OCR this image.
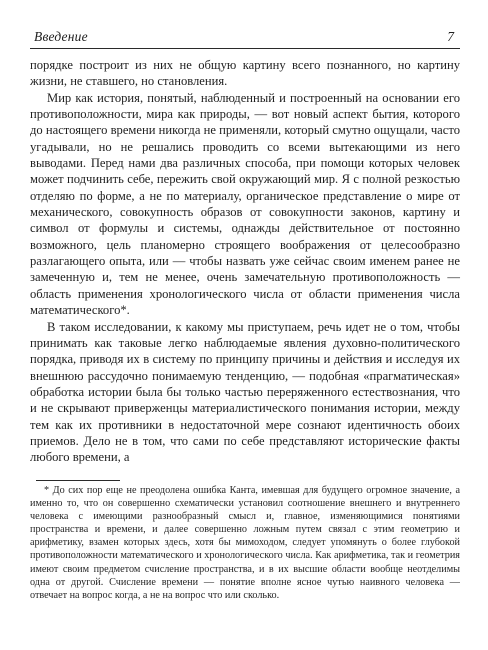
Введение	7

порядке построит из них не общую картину всего познанного, но картину жизни, не ставшего, но становления.

Мир как история, понятый, наблюденный и построенный на основании его противоположности, мира как природы, — вот новый аспект бытия, которого до настоящего времени никогда не применяли, который смутно ощущали, часто угадывали, но не решались проводить со всеми вытекающими из него выводами. Перед нами два различных способа, при помощи которых человек может подчинить себе, пережить свой окружающий мир. Я с полной резкостью отделяю по форме, а не по материалу, органическое представление о мире от механического, совокупность образов от совокупности законов, картину и символ от формулы и системы, однажды действительное от постоянно возможного, цель планомерно строящего воображения от целесообразно разлагающего опыта, или — чтобы назвать уже сейчас своим именем ранее не замеченную и, тем не менее, очень замечательную противоположность — область применения хронологического числа от области применения числа математического*.

В таком исследовании, к какому мы приступаем, речь идет не о том, чтобы принимать как таковые легко наблюдаемые явления духовно-политического порядка, приводя их в систему по принципу причины и действия и исследуя их внешнюю рассудочно понимаемую тенденцию, — подобная «прагматическая» обработка истории была бы только частью переряженного естествознания, что и не скрывают приверженцы материалистического понимания истории, между тем как их противники в недостаточной мере сознают идентичность обоих приемов. Дело не в том, что сами по себе представляют исторические факты любого времени, а

* До сих пор еще не преодолена ошибка Канта, имевшая для будущего огромное значение, а именно то, что он совершенно схематически установил соотношение внешнего и внутреннего человека с имеющими разнообразный смысл и, главное, изменяющимися понятиями пространства и времени, и далее совершенно ложным путем связал с этим геометрию и арифметику, взамен которых здесь, хотя бы мимоходом, следует упомянуть о более глубокой противоположности математического и хронологического числа. Как арифметика, так и геометрия имеют своим предметом счисление пространства, и в их высшие области вообще неотделимы одна от другой. Счисление времени — понятие вполне ясное чутью наивного человека — отвечает на вопрос когда, а не на вопрос что или сколько.
